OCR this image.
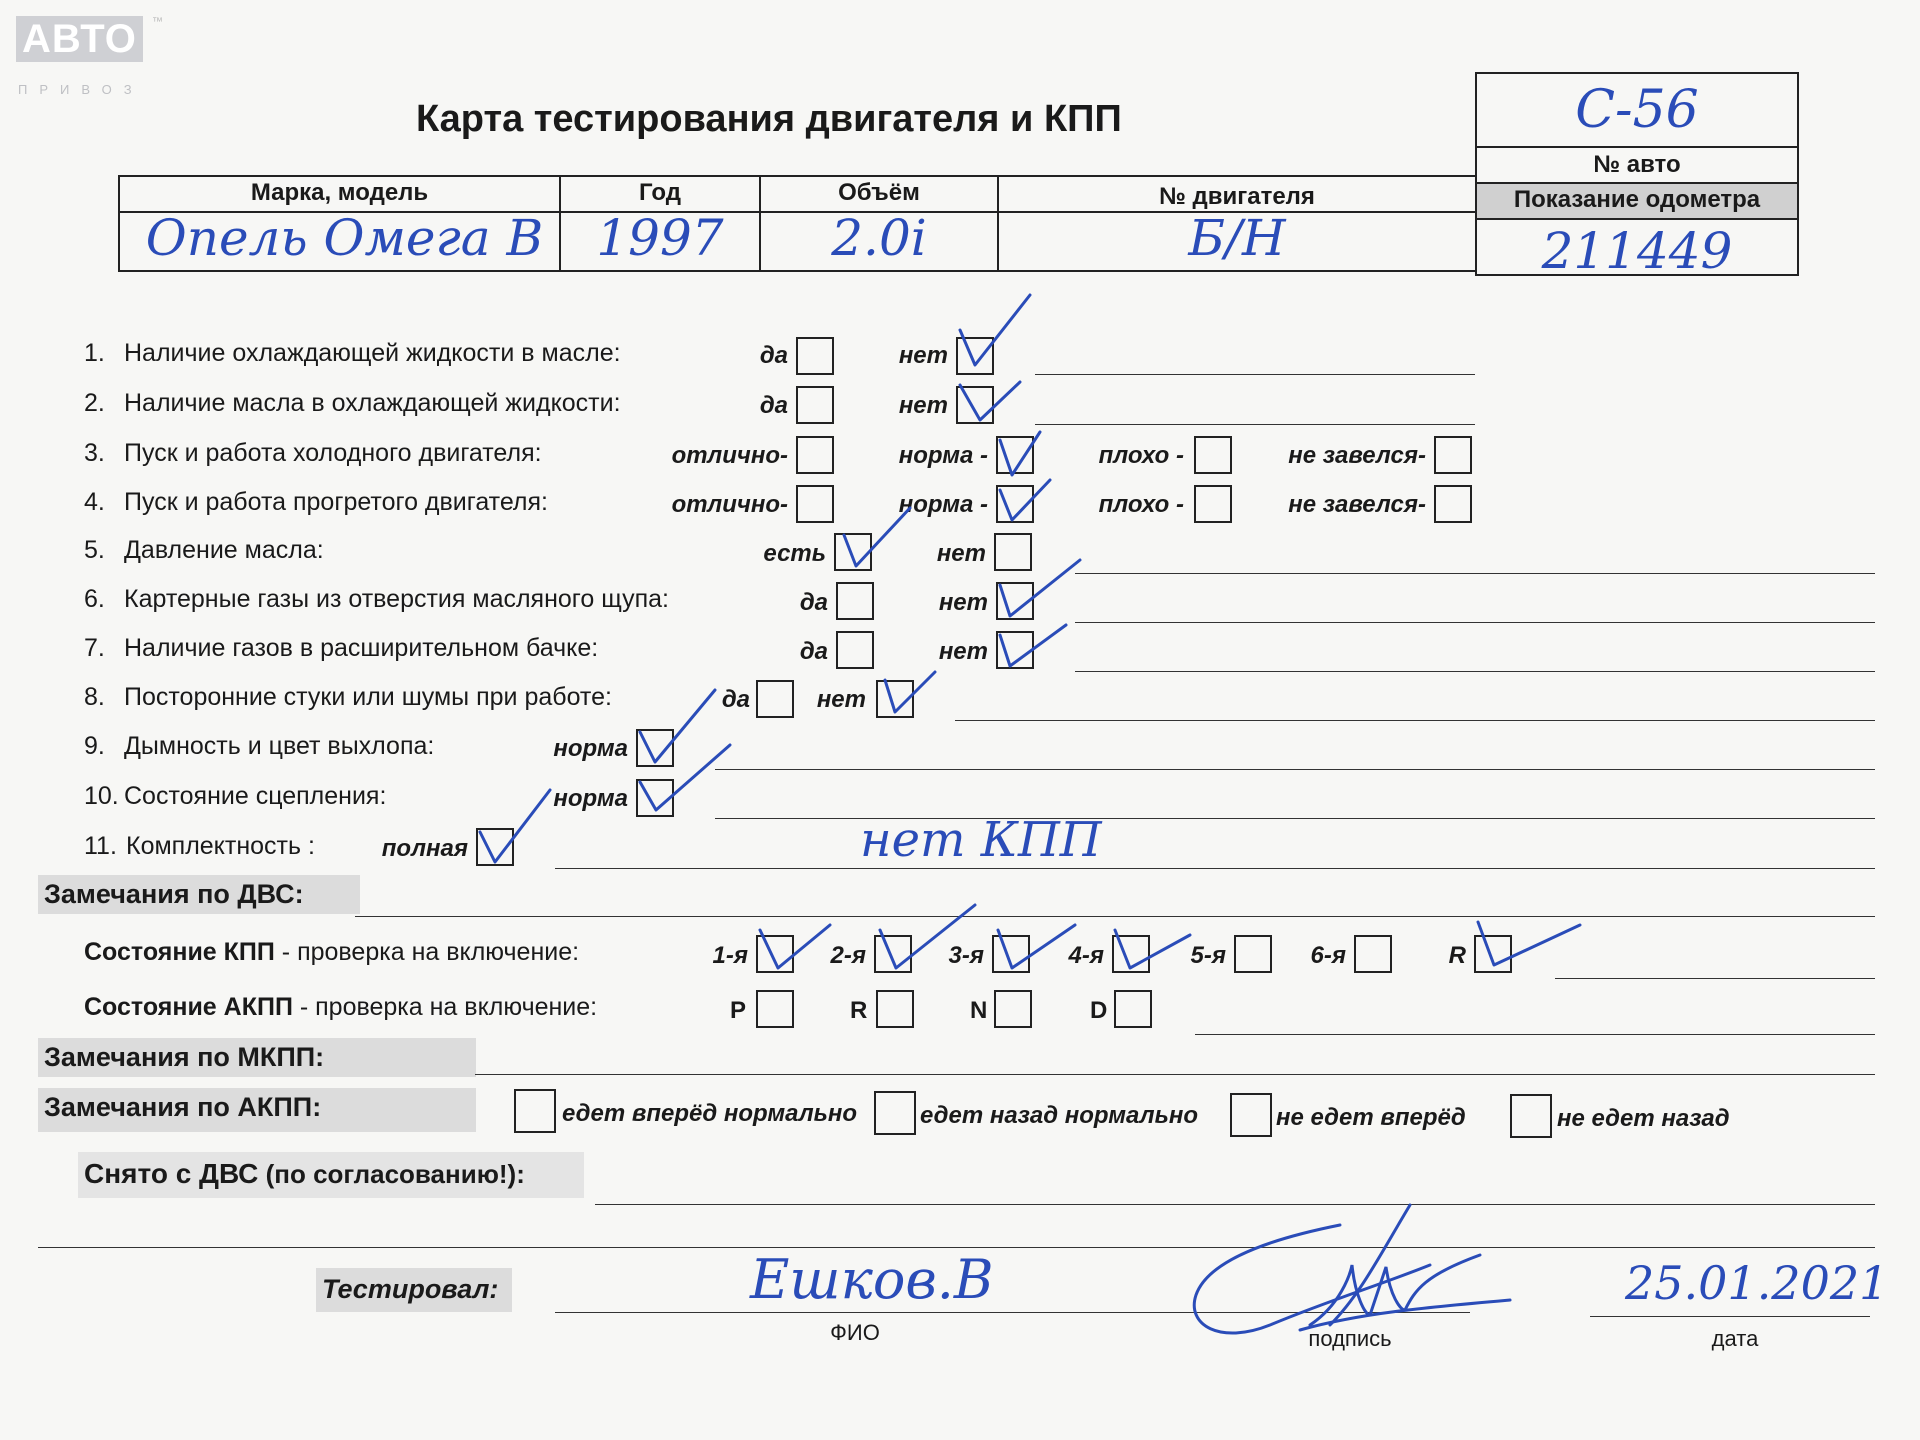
АВТО	™
ПРИВОЗ
Карта тестирования двигателя и КПП	С-56
№ авто
Показание одометра
211449
Марка, модель	Год	Объём	№ двигателя
Опель Омега В	1997	2.0i	Б/Н
1. Наличие охлаждающей жидкости в масле:	да	нет
2. Наличие масла в охлаждающей жидкости:	да	нет
3. Пуск и работа холодного двигателя:	отлично-	норма -	плохо -	не завелся-
4. Пуск и работа прогретого двигателя:	отлично-	норма -	плохо -	не завелся-
5. Давление масла:	есть	нет
6. Картерные газы из отверстия масляного щупа:	да	нет
7. Наличие газов в расширительном бачке:	да	нет
8. Посторонние стуки или шумы при работе:	да	нет
9. Дымность и цвет выхлопа:	норма
10. Состояние сцепления:	норма
11. Комплектность :	полная	нет КПП
Замечания по ДВС:
Состояние КПП - проверка на включение:	1-я	2-я	3-я	4-я	5-я	6-я	R
Состояние АКПП - проверка на включение:	P	R	N	D
Замечания по МКПП:
Замечания по АКПП:	едет вперёд нормально	едет назад нормально	не едет вперёд	не едет назад
Снято с ДВС (по согласованию!):
Тестировал:	Ешков.В	25.01.2021
ФИО	подпись	дата
